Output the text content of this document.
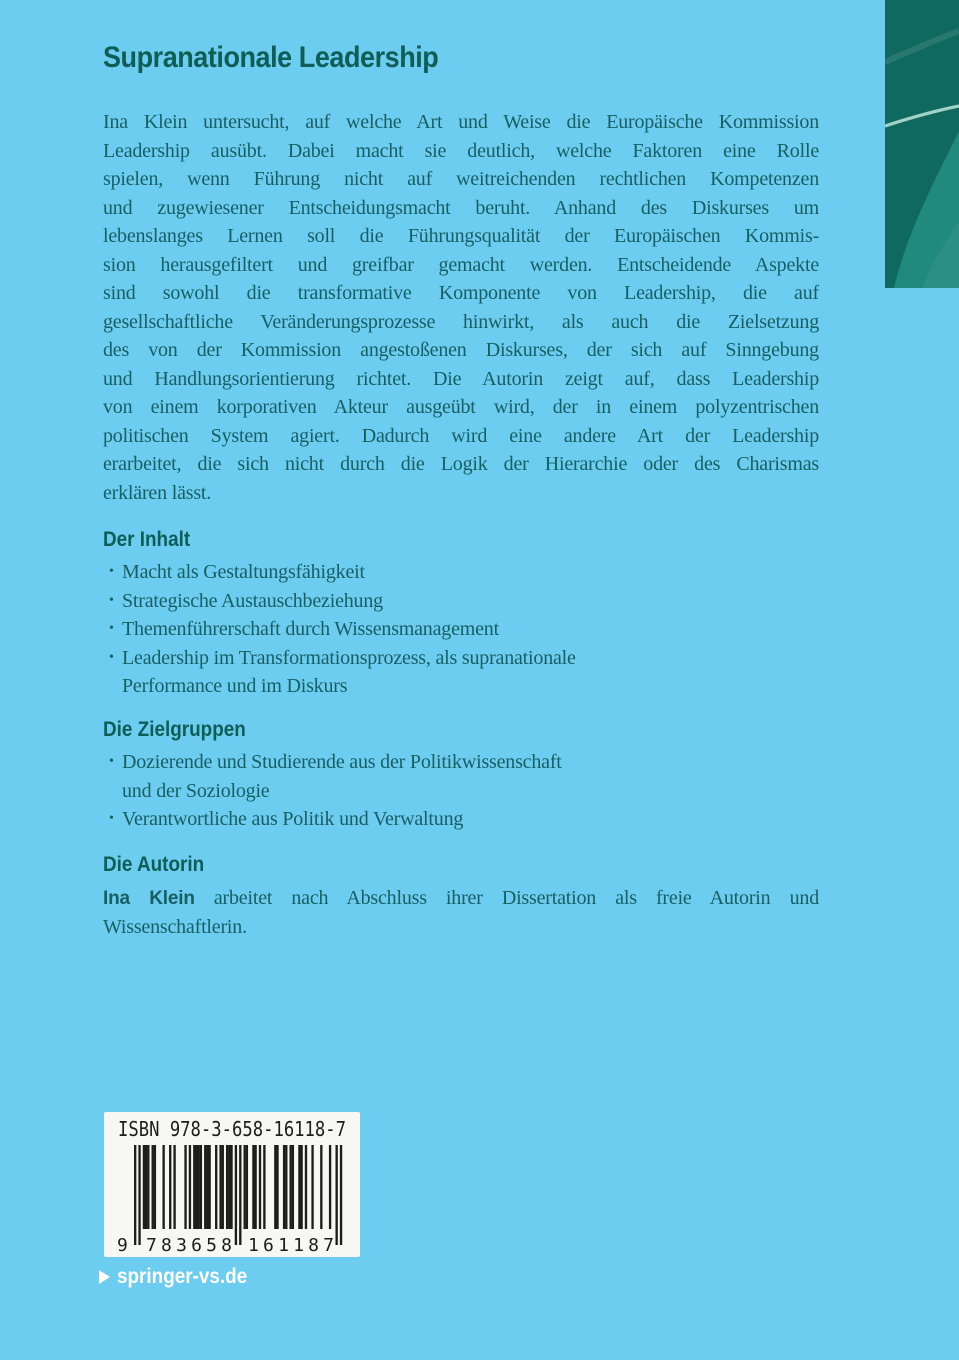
Supranationale Leadership
Ina Klein untersucht, auf welche Art und Weise die Europäische Kommission
Leadership ausübt. Dabei macht sie deutlich, welche Faktoren eine Rolle
spielen, wenn Führung nicht auf weitreichenden rechtlichen Kompetenzen
und zugewiesener Entscheidungsmacht beruht. Anhand des Diskurses um
lebenslanges Lernen soll die Führungsqualität der Europäischen Kommis-
sion herausgefiltert und greifbar gemacht werden. Entscheidende Aspekte
sind sowohl die transformative Komponente von Leadership, die auf
gesellschaftliche Veränderungsprozesse hinwirkt, als auch die Zielsetzung
des von der Kommission angestoßenen Diskurses, der sich auf Sinngebung
und Handlungsorientierung richtet. Die Autorin zeigt auf, dass Leadership
von einem korporativen Akteur ausgeübt wird, der in einem polyzentrischen
politischen System agiert. Dadurch wird eine andere Art der Leadership
erarbeitet, die sich nicht durch die Logik der Hierarchie oder des Charismas
erklären lässt.
Der Inhalt
• Macht als Gestaltungsfähigkeit
• Strategische Austauschbeziehung
• Themenführerschaft durch Wissensmanagement
• Leadership im Transformationsprozess, als supranationale
Performance und im Diskurs
Die Zielgruppen
• Dozierende und Studierende aus der Politikwissenschaft
und der Soziologie
• Verantwortliche aus Politik und Verwaltung
Die Autorin
Ina Klein arbeitet nach Abschluss ihrer Dissertation als freie Autorin und
Wissenschaftlerin.
ISBN 978-3-658-16118-7
9 783658 161187
springer-vs.de
